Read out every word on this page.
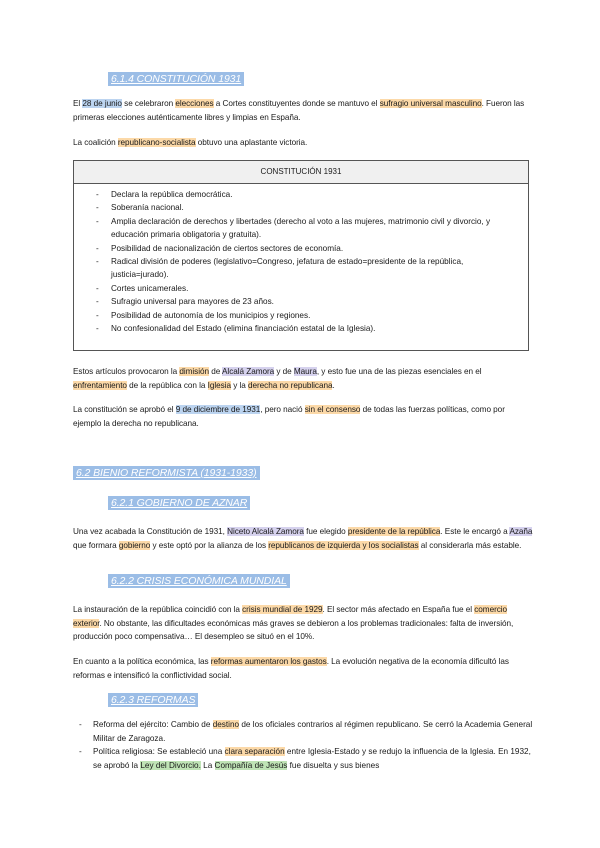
6.1.4 CONSTITUCIÓN 1931

El 28 de junio se celebraron elecciones a Cortes constituyentes donde se mantuvo el sufragio universal masculino. Fueron las primeras elecciones auténticamente libres y limpias en España.

La coalición republicano-socialista obtuvo una aplastante victoria.

CONSTITUCIÓN 1931
- Declara la república democrática.
- Soberanía nacional.
- Amplia declaración de derechos y libertades (derecho al voto a las mujeres, matrimonio civil y divorcio, y educación primaria obligatoria y gratuita).
- Posibilidad de nacionalización de ciertos sectores de economía.
- Radical división de poderes (legislativo=Congreso, jefatura de estado=presidente de la república, justicia=jurado).
- Cortes unicamerales.
- Sufragio universal para mayores de 23 años.
- Posibilidad de autonomía de los municipios y regiones.
- No confesionalidad del Estado (elimina financiación estatal de la Iglesia).

Estos artículos provocaron la dimisión de Alcalá Zamora y de Maura, y esto fue una de las piezas esenciales en el enfrentamiento de la república con la Iglesia y la derecha no republicana.

La constitución se aprobó el 9 de diciembre de 1931, pero nació sin el consenso de todas las fuerzas políticas, como por ejemplo la derecha no republicana.

6.2 BIENIO REFORMISTA (1931-1933)
6.2.1 GOBIERNO DE AZNAR

Una vez acabada la Constitución de 1931, Niceto Alcalá Zamora fue elegido presidente de la república. Este le encargó a Azaña que formara gobierno y este optó por la alianza de los republicanos de izquierda y los socialistas al considerarla más estable.

6.2.2 CRISIS ECONÓMICA MUNDIAL

La instauración de la república coincidió con la crisis mundial de 1929. El sector más afectado en España fue el comercio exterior. No obstante, las dificultades económicas más graves se debieron a los problemas tradicionales: falta de inversión, producción poco compensativa… El desempleo se situó en el 10%.

En cuanto a la política económica, las reformas aumentaron los gastos. La evolución negativa de la economía dificultó las reformas e intensificó la conflictividad social.

6.2.3 REFORMAS
- Reforma del ejército: Cambio de destino de los oficiales contrarios al régimen republicano. Se cerró la Academia General Militar de Zaragoza.
- Política religiosa: Se estableció una clara separación entre Iglesia-Estado y se redujo la influencia de la Iglesia. En 1932, se aprobó la Ley del Divorcio. La Compañía de Jesús fue disuelta y sus bienes
